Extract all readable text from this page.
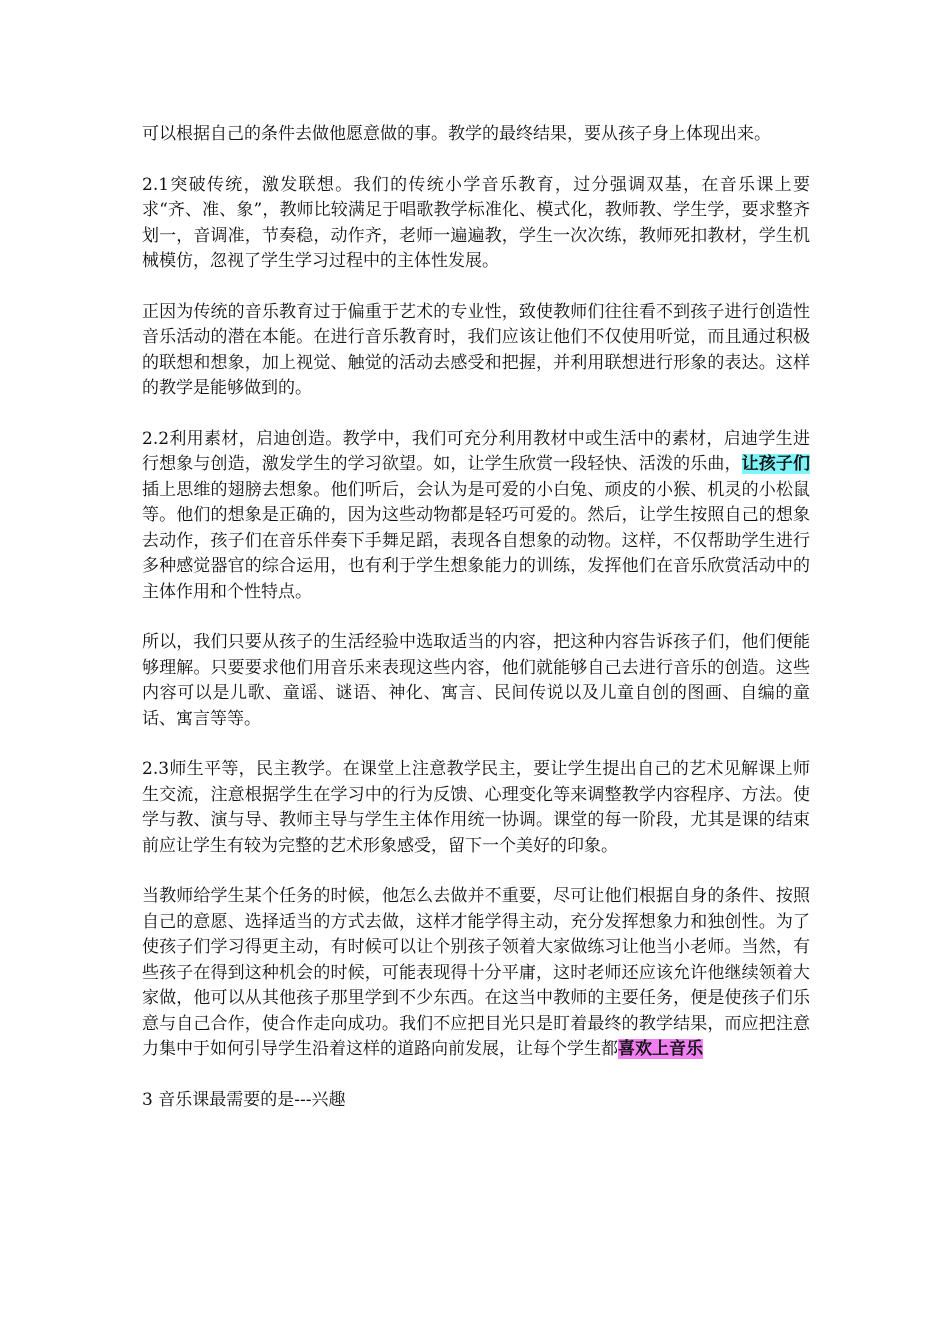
可以根据自己的条件去做他愿意做的事。教学的最终结果，要从孩子身上体现出来。

2.1突破传统，激发联想。我们的传统小学音乐教育，过分强调双基，在音乐课上要求“齐、准、象”，教师比较满足于唱歌教学标准化、模式化，教师教、学生学，要求整齐划一，音调准，节奏稳，动作齐，老师一遍遍教，学生一次次练，教师死扣教材，学生机械模仿，忽视了学生学习过程中的主体性发展。

正因为传统的音乐教育过于偏重于艺术的专业性，致使教师们往往看不到孩子进行创造性音乐活动的潜在本能。在进行音乐教育时，我们应该让他们不仅使用听觉，而且通过积极的联想和想象，加上视觉、触觉的活动去感受和把握，并利用联想进行形象的表达。这样的教学是能够做到的。

2.2利用素材，启迪创造。教学中，我们可充分利用教材中或生活中的素材，启迪学生进行想象与创造，激发学生的学习欲望。如，让学生欣赏一段轻快、活泼的乐曲，让孩子们插上思维的翅膀去想象。他们听后，会认为是可爱的小白兔、顽皮的小猴、机灵的小松鼠等。他们的想象是正确的，因为这些动物都是轻巧可爱的。然后，让学生按照自己的想象去动作，孩子们在音乐伴奏下手舞足蹈，表现各自想象的动物。这样，不仅帮助学生进行多种感觉器官的综合运用，也有利于学生想象能力的训练，发挥他们在音乐欣赏活动中的主体作用和个性特点。

所以，我们只要从孩子的生活经验中选取适当的内容，把这种内容告诉孩子们，他们便能够理解。只要要求他们用音乐来表现这些内容，他们就能够自己去进行音乐的创造。这些内容可以是儿歌、童谣、谜语、神化、寓言、民间传说以及儿童自创的图画、自编的童话、寓言等等。

2.3师生平等，民主教学。在课堂上注意教学民主，要让学生提出自己的艺术见解课上师生交流，注意根据学生在学习中的行为反馈、心理变化等来调整教学内容程序、方法。使学与教、演与导、教师主导与学生主体作用统一协调。课堂的每一阶段，尤其是课的结束前应让学生有较为完整的艺术形象感受，留下一个美好的印象。

当教师给学生某个任务的时候，他怎么去做并不重要，尽可让他们根据自身的条件、按照自己的意愿、选择适当的方式去做，这样才能学得主动，充分发挥想象力和独创性。为了使孩子们学习得更主动，有时候可以让个别孩子领着大家做练习让他当小老师。当然，有些孩子在得到这种机会的时候，可能表现得十分平庸，这时老师还应该允许他继续领着大家做，他可以从其他孩子那里学到不少东西。在这当中教师的主要任务，便是使孩子们乐意与自己合作，使合作走向成功。我们不应把目光只是盯着最终的教学结果，而应把注意力集中于如何引导学生沿着这样的道路向前发展，让每个学生都喜欢上音乐

3 音乐课最需要的是---兴趣
